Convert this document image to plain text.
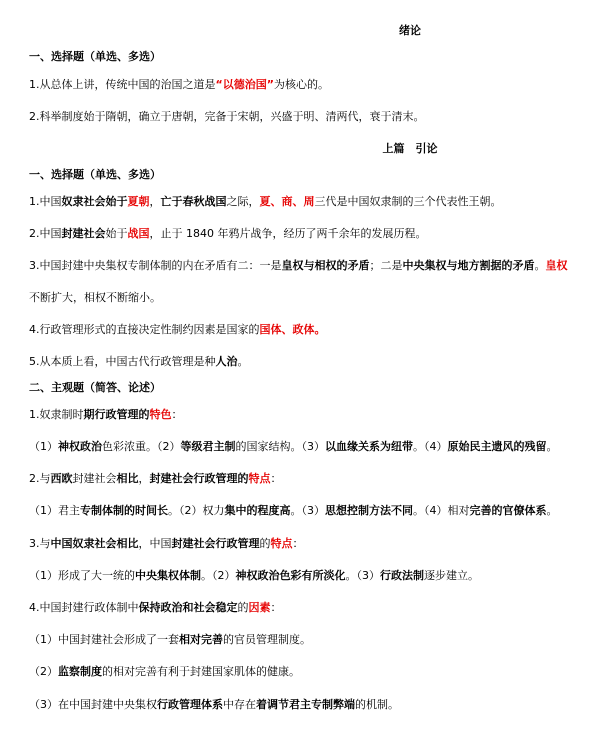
绪论
一、选择题（单选、多选）
1.从总体上讲，传统中国的治国之道是“以德治国”为核心的。
2.科举制度始于隋朝，确立于唐朝，完备于宋朝，兴盛于明、清两代，衰于清末。
上篇　引论
一、选择题（单选、多选）
1.中国奴隶社会始于夏朝，亡于春秋战国之际，夏、商、周三代是中国奴隶制的三个代表性王朝。
2.中国封建社会始于战国，止于 1840 年鸦片战争，经历了两千余年的发展历程。
3.中国封建中央集权专制体制的内在矛盾有二：一是皇权与相权的矛盾；二是中央集权与地方割据的矛盾。皇权
不断扩大，相权不断缩小。
4.行政管理形式的直接决定性制约因素是国家的国体、政体。
5.从本质上看，中国古代行政管理是种人治。
二、主观题（简答、论述）
1.奴隶制时期行政管理的特色：
（1）神权政治色彩浓重。（2）等级君主制的国家结构。（3）以血缘关系为纽带。（4）原始民主遗风的残留。
2.与西欧封建社会相比，封建社会行政管理的特点：
（1）君主专制体制的时间长。（2）权力集中的程度高。（3）思想控制方法不同。（4）相对完善的官僚体系。
3.与中国奴隶社会相比，中国封建社会行政管理的特点：
（1）形成了大一统的中央集权体制。（2）神权政治色彩有所淡化。（3）行政法制逐步建立。
4.中国封建行政体制中保持政治和社会稳定的因素：
（1）中国封建社会形成了一套相对完善的官员管理制度。
（2）监察制度的相对完善有利于封建国家肌体的健康。
（3）在中国封建中央集权行政管理体系中存在着调节君主专制弊端的机制。
